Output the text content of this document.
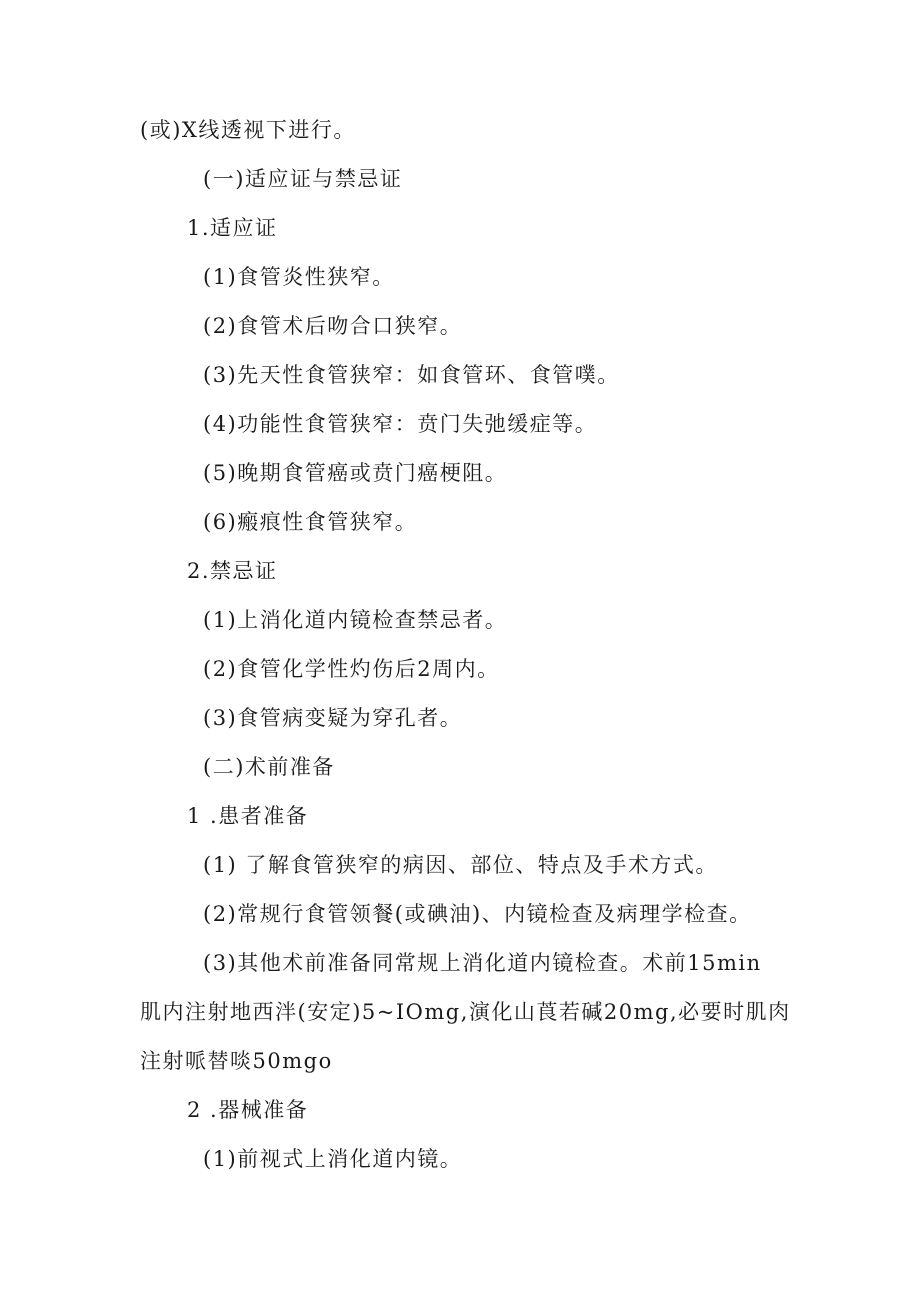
(或)X线透视下进行。
(一)适应证与禁忌证
1.适应证
(1)食管炎性狭窄。
(2)食管术后吻合口狭窄。
(3)先天性食管狭窄：如食管环、食管噗。
(4)功能性食管狭窄：贲门失弛缓症等。
(5)晚期食管癌或贲门癌梗阻。
(6)瘢痕性食管狭窄。
2.禁忌证
(1)上消化道内镜检查禁忌者。
(2)食管化学性灼伤后2周内。
(3)食管病变疑为穿孔者。
(二)术前准备
1 .患者准备
(1) 了解食管狭窄的病因、部位、特点及手术方式。
(2)常规行食管领餐(或碘油)、内镜检查及病理学检查。
(3)其他术前准备同常规上消化道内镜检查。术前15min
肌内注射地西泮(安定)5~IOmg,演化山莨若碱20mg,必要时肌肉
注射哌替啖50mgo
2 .器械准备
(1)前视式上消化道内镜。
